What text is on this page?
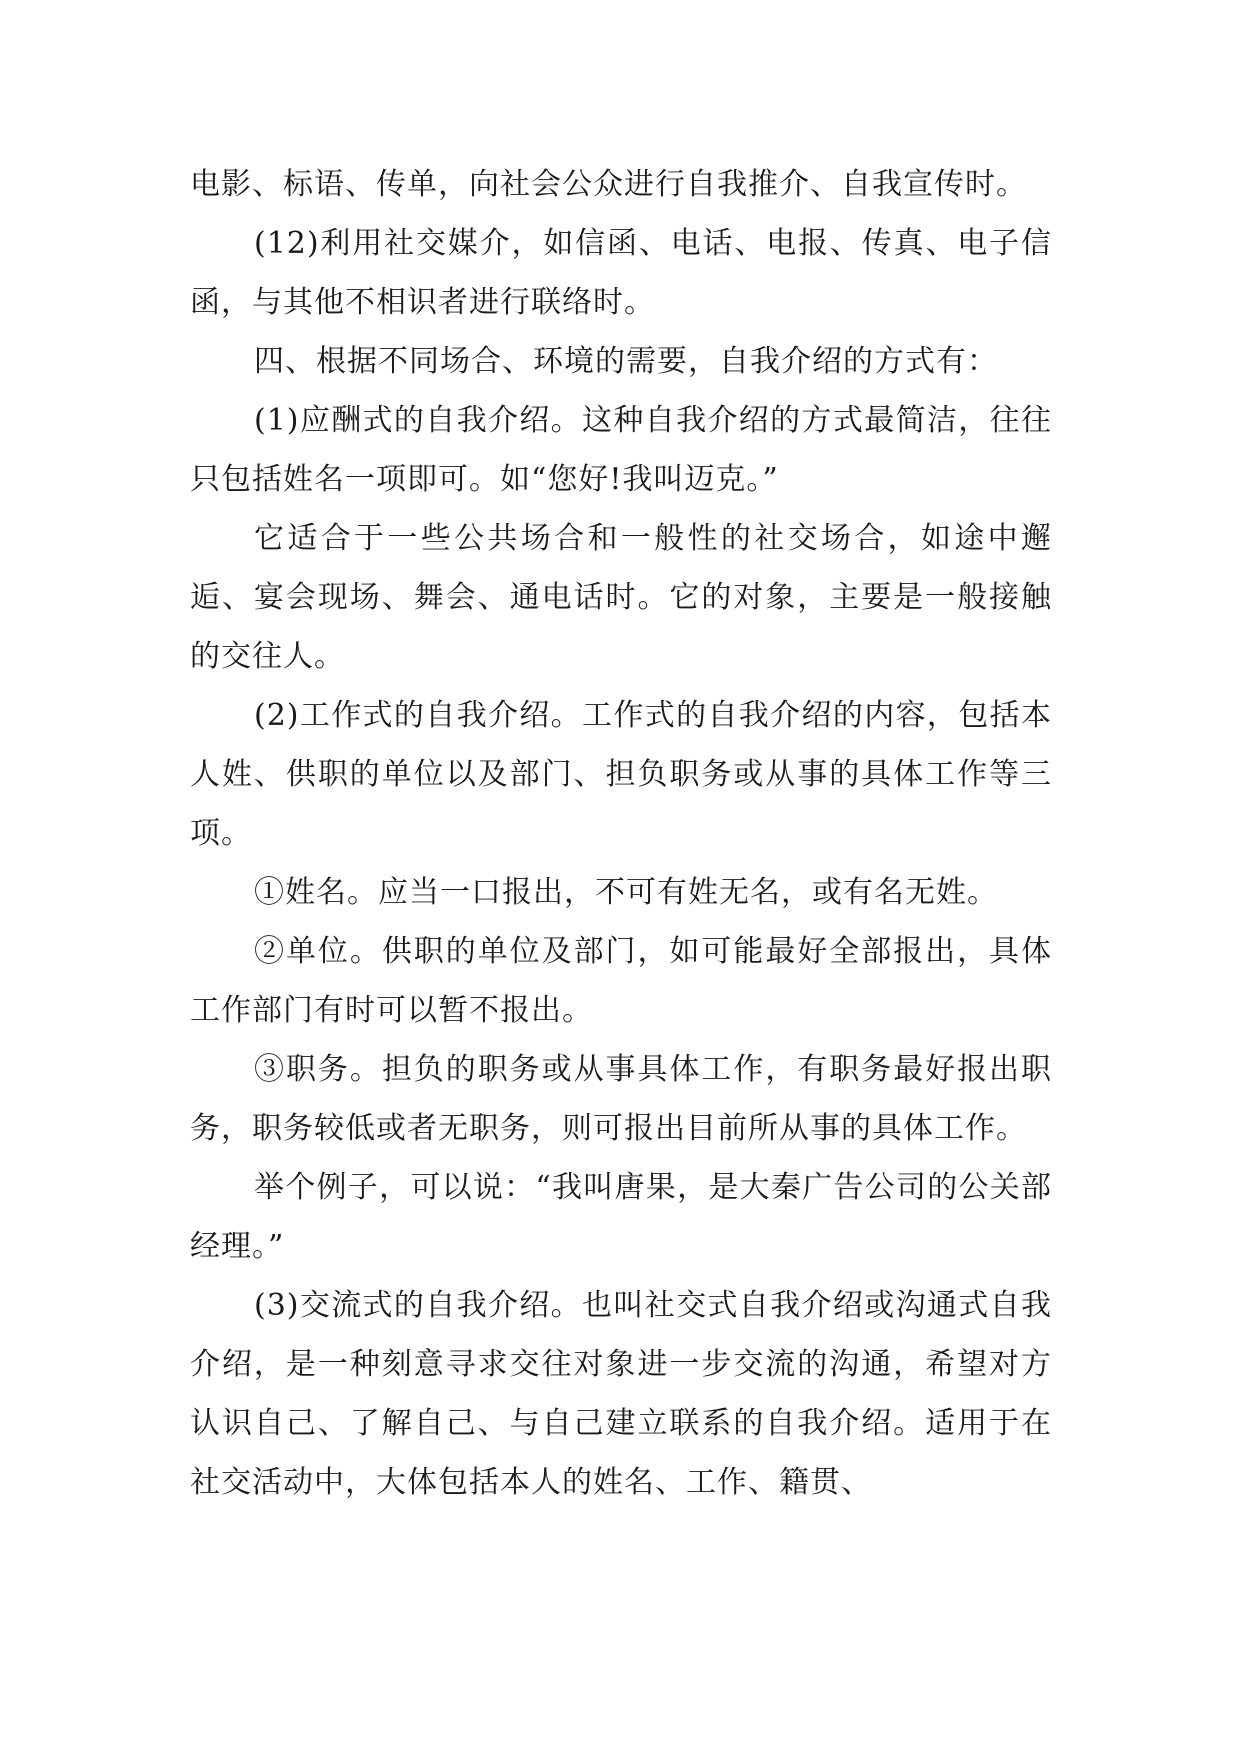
电影、标语、传单，向社会公众进行自我推介、自我宣传时。

(12)利用社交媒介，如信函、电话、电报、传真、电子信函，与其他不相识者进行联络时。

四、根据不同场合、环境的需要，自我介绍的方式有：

(1)应酬式的自我介绍。这种自我介绍的方式最简洁，往往只包括姓名一项即可。如“您好!我叫迈克。”

它适合于一些公共场合和一般性的社交场合，如途中邂逅、宴会现场、舞会、通电话时。它的对象，主要是一般接触的交往人。

(2)工作式的自我介绍。工作式的自我介绍的内容，包括本人姓、供职的单位以及部门、担负职务或从事的具体工作等三项。

①姓名。应当一口报出，不可有姓无名，或有名无姓。

②单位。供职的单位及部门，如可能最好全部报出，具体工作部门有时可以暂不报出。

③职务。担负的职务或从事具体工作，有职务最好报出职务，职务较低或者无职务，则可报出目前所从事的具体工作。

举个例子，可以说：“我叫唐果，是大秦广告公司的公关部经理。”

(3)交流式的自我介绍。也叫社交式自我介绍或沟通式自我介绍，是一种刻意寻求交往对象进一步交流的沟通，希望对方认识自己、了解自己、与自己建立联系的自我介绍。适用于在社交活动中，大体包括本人的姓名、工作、籍贯、
